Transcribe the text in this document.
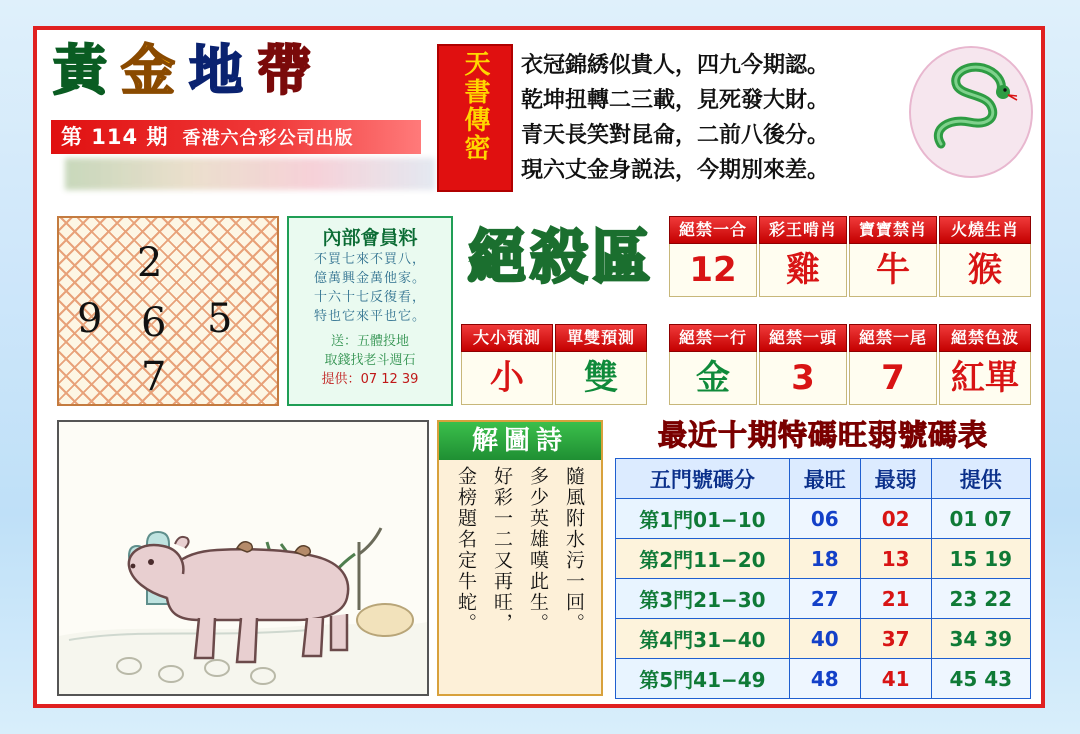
黃金地帶
第 114 期 香港六合彩公司出版	天書傳密	衣冠錦綉似貴人，四九今期認。
乾坤扭轉二三載，見死發大財。
青天長笑對昆侖，二前八後分。
現六丈金身説法，今期別來差。
2
9 6 5
7
內部會員料
不買七來不買八，
億萬興金萬他家。
十六十七反復看，
特也它來平也它。
送：五體投地
取錢找老斗週石
提供：07 12 39
絕殺區	絕禁一合
12
彩王啃肖
雞
寶寶禁肖
牛
火燒生肖
猴
大小預測
小
單雙預測
雙
絕禁一行
金
絕禁一頭
3
絕禁一尾
7
絕禁色波
紅單
解圖詩
隨風附水污一回。
多少英雄嘆此生。
好彩一二又再旺，
金榜題名定牛蛇。
最近十期特碼旺弱號碼表
五門號碼分	最旺	最弱	提供
第1門01−10	06	02	01 07
第2門11−20	18	13	15 19
第3門21−30	27	21	23 22
第4門31−40	40	37	34 39
第5門41−49	48	41	45 43
